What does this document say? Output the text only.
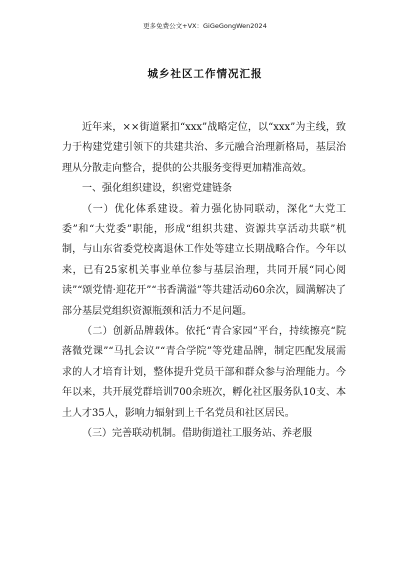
更多免费公文+VX：GiGeGongWen2024
城乡社区工作情况汇报

近年来，××街道紧扣“xxx”战略定位，以“xxx”为主线，致力于构建党建引领下的共建共治、多元融合治理新格局，基层治理从分散走向整合，提供的公共服务变得更加精准高效。

一、强化组织建设，织密党建链条

（一）优化体系建设。着力强化协同联动，深化“大党工委”和“大党委”职能，形成“组织共建、资源共享活动共联”机制，与山东省委党校离退休工作处等建立长期战略合作。今年以来，已有25家机关事业单位参与基层治理，共同开展“同心阅读”“颂党情·迎花开”“书香满溢”等共建活动60余次，圆满解决了部分基层党组织资源瓶颈和活力不足问题。

（二）创新品牌载体。依托“青合家园”平台，持续擦亮“院落微党课”“马扎会议”“青合学院”等党建品牌，制定匹配发展需求的人才培育计划，整体提升党员干部和群众参与治理能力。今年以来，共开展党群培训700余班次，孵化社区服务队10支、本土人才35人，影响力辐射到上千名党员和社区居民。

（三）完善联动机制。借助街道社工服务站、养老服
